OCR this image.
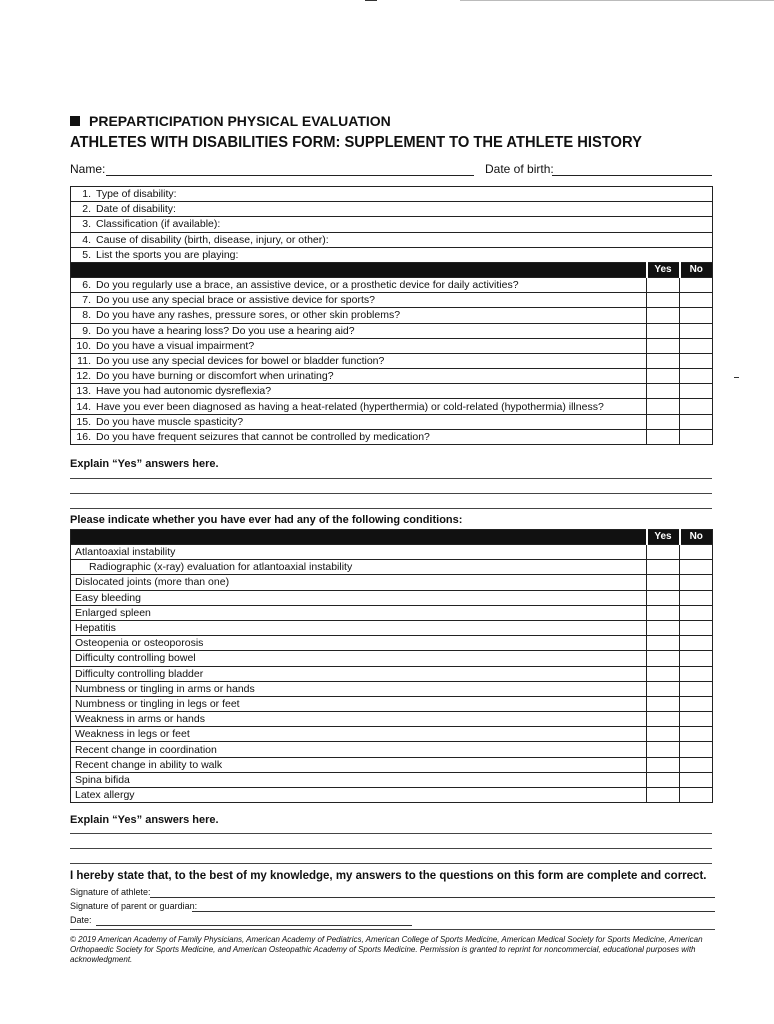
PREPARTICIPATION PHYSICAL EVALUATION
ATHLETES WITH DISABILITIES FORM: SUPPLEMENT TO THE ATHLETE HISTORY
Name:	Date of birth:
1. Type of disability:		
2. Date of disability:		
3. Classification (if available):		
4. Cause of disability (birth, disease, injury, or other):		
5. List the sports you are playing:		
	Yes	No
6. Do you regularly use a brace, an assistive device, or a prosthetic device for daily activities?		
7. Do you use any special brace or assistive device for sports?		
8. Do you have any rashes, pressure sores, or other skin problems?		
9. Do you have a hearing loss? Do you use a hearing aid?		
10. Do you have a visual impairment?		
11. Do you use any special devices for bowel or bladder function?		
12. Do you have burning or discomfort when urinating?		
13. Have you had autonomic dysreflexia?		
14. Have you ever been diagnosed as having a heat-related (hyperthermia) or cold-related (hypothermia) illness?		
15. Do you have muscle spasticity?		
16. Do you have frequent seizures that cannot be controlled by medication?		
Explain “Yes” answers here.
Please indicate whether you have ever had any of the following conditions:
	Yes	No
Atlantoaxial instability		
Radiographic (x-ray) evaluation for atlantoaxial instability		
Dislocated joints (more than one)		
Easy bleeding		
Enlarged spleen		
Hepatitis		
Osteopenia or osteoporosis		
Difficulty controlling bowel		
Difficulty controlling bladder		
Numbness or tingling in arms or hands		
Numbness or tingling in legs or feet		
Weakness in arms or hands		
Weakness in legs or feet		
Recent change in coordination		
Recent change in ability to walk		
Spina bifida		
Latex allergy		
Explain “Yes” answers here.
I hereby state that, to the best of my knowledge, my answers to the questions on this form are complete and correct.
Signature of athlete:
Signature of parent or guardian:
Date:
© 2019 American Academy of Family Physicians, American Academy of Pediatrics, American College of Sports Medicine, American Medical Society for Sports Medicine, American Orthopaedic Society for Sports Medicine, and American Osteopathic Academy of Sports Medicine. Permission is granted to reprint for noncommercial, educational purposes with acknowledgment.
